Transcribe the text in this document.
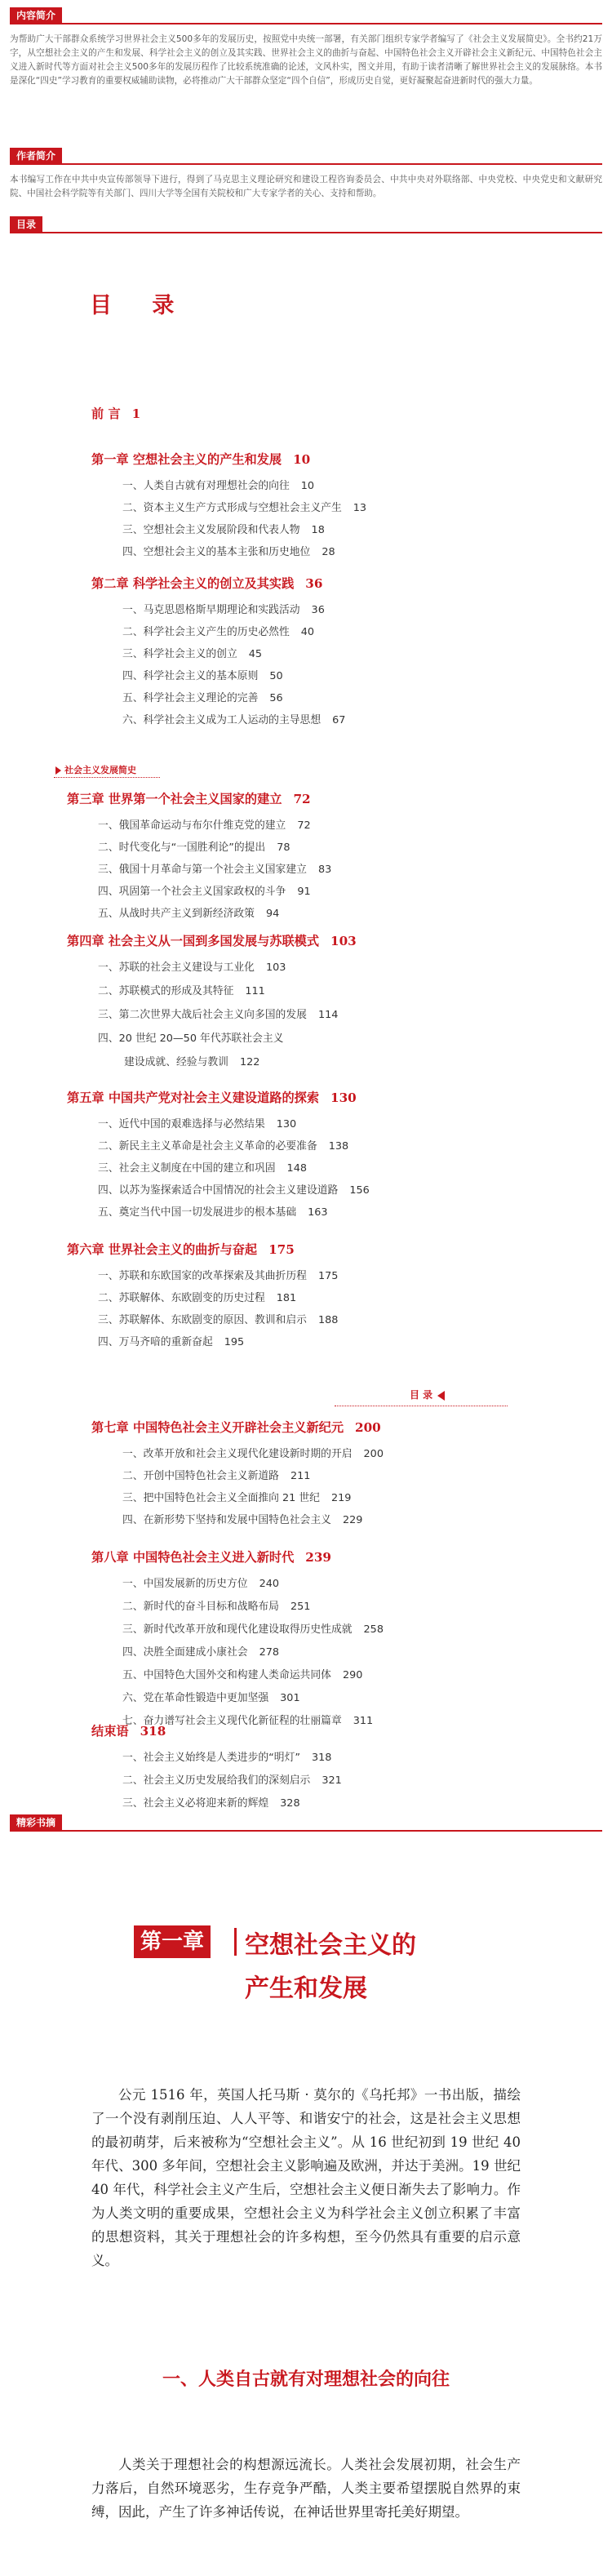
内容简介
为帮助广大干部群众系统学习世界社会主义500多年的发展历史，按照党中央统一部署，有关部门组织专家学者编写了《社会主义发展简史》。全书约21万字，从空想社会主义的产生和发展、科学社会主义的创立及其实践、世界社会主义的曲折与奋起、中国特色社会主义开辟社会主义新纪元、中国特色社会主义进入新时代等方面对社会主义500多年的发展历程作了比较系统准确的论述，文风朴实，图文并用，有助于读者清晰了解世界社会主义的发展脉络。本书是深化“四史”学习教育的重要权威辅助读物，必将推动广大干部群众坚定“四个自信”，形成历史自觉，更好凝聚起奋进新时代的强大力量。
作者简介
本书编写工作在中共中央宣传部领导下进行，得到了马克思主义理论研究和建设工程咨询委员会、中共中央对外联络部、中央党校、中央党史和文献研究院、中国社会科学院等有关部门、四川大学等全国有关院校和广大专家学者的关心、支持和帮助。
目录
目 录
前 言 1
第一章 空想社会主义的产生和发展 10
一、人类自古就有对理想社会的向往 10
二、资本主义生产方式形成与空想社会主义产生 13
三、空想社会主义发展阶段和代表人物 18
四、空想社会主义的基本主张和历史地位 28
第二章 科学社会主义的创立及其实践 36
一、马克思恩格斯早期理论和实践活动 36
二、科学社会主义产生的历史必然性 40
三、科学社会主义的创立 45
四、科学社会主义的基本原则 50
五、科学社会主义理论的完善 56
六、科学社会主义成为工人运动的主导思想 67
第三章 世界第一个社会主义国家的建立 72
一、俄国革命运动与布尔什维克党的建立 72
二、时代变化与“一国胜利论”的提出 78
三、俄国十月革命与第一个社会主义国家建立 83
四、巩固第一个社会主义国家政权的斗争 91
五、从战时共产主义到新经济政策 94
第四章 社会主义从一国到多国发展与苏联模式 103
一、苏联的社会主义建设与工业化 103
二、苏联模式的形成及其特征 111
三、第二次世界大战后社会主义向多国的发展 114
四、20 世纪 20—50 年代苏联社会主义
建设成就、经验与教训 122
第五章 中国共产党对社会主义建设道路的探索 130
一、近代中国的艰难选择与必然结果 130
二、新民主主义革命是社会主义革命的必要准备 138
三、社会主义制度在中国的建立和巩固 148
四、以苏为鉴探索适合中国情况的社会主义建设道路 156
五、奠定当代中国一切发展进步的根本基础 163
第六章 世界社会主义的曲折与奋起 175
一、苏联和东欧国家的改革探索及其曲折历程 175
二、苏联解体、东欧剧变的历史过程 181
三、苏联解体、东欧剧变的原因、教训和启示 188
四、万马齐喑的重新奋起 195
第七章 中国特色社会主义开辟社会主义新纪元 200
一、改革开放和社会主义现代化建设新时期的开启 200
二、开创中国特色社会主义新道路 211
三、把中国特色社会主义全面推向 21 世纪 219
四、在新形势下坚持和发展中国特色社会主义 229
第八章 中国特色社会主义进入新时代 239
一、中国发展新的历史方位 240
二、新时代的奋斗目标和战略布局 251
三、新时代改革开放和现代化建设取得历史性成就 258
四、决胜全面建成小康社会 278
五、中国特色大国外交和构建人类命运共同体 290
六、党在革命性锻造中更加坚强 301
七、奋力谱写社会主义现代化新征程的壮丽篇章 311
结束语 318
一、社会主义始终是人类进步的“明灯” 318
二、社会主义历史发展给我们的深刻启示 321
三、社会主义必将迎来新的辉煌 328
社会主义发展简史
目 录
精彩书摘
第一章 空想社会主义的
产生和发展
公元 1516 年，英国人托马斯 · 莫尔的《乌托邦》一书出版，描绘了一个没有剥削压迫、人人平等、和谐安宁的社会，这是社会主义思想的最初萌芽，后来被称为“空想社会主义”。从 16 世纪初到 19 世纪 40 年代、300 多年间，空想社会主义影响遍及欧洲，并达于美洲。19 世纪 40 年代，科学社会主义产生后，空想社会主义便日渐失去了影响力。作为人类文明的重要成果，空想社会主义为科学社会主义创立积累了丰富的思想资料，其关于理想社会的许多构想，至今仍然具有重要的启示意义。
一、人类自古就有对理想社会的向往
人类关于理想社会的构想源远流长。人类社会发展初期，社会生产力落后，自然环境恶劣，生存竞争严酷，人类主要希望摆脱自然界的束缚，因此，产生了许多神话传说，在神话世界里寄托美好期望。
